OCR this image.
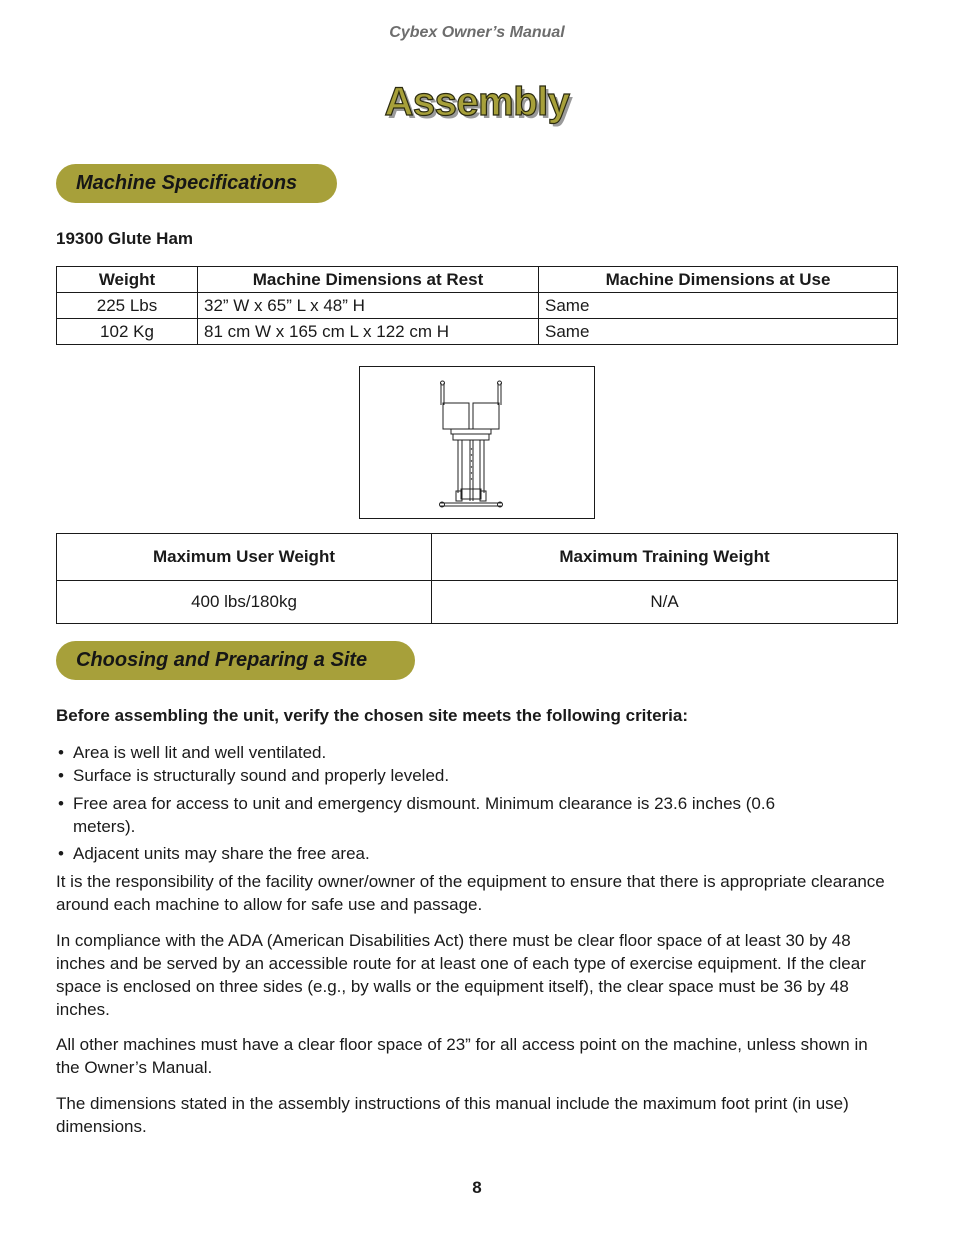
Cybex Owner’s Manual
Assembly
Machine Specifications
19300 Glute Ham
Weight	Machine Dimensions at Rest	Machine Dimensions at Use
225 Lbs	32” W x 65” L x 48” H	Same
102 Kg	81 cm W x 165 cm L x 122 cm H	Same
Maximum User Weight	Maximum Training Weight
400 lbs/180kg	N/A
Choosing and Preparing a Site
Before assembling the unit, verify the chosen site meets the following criteria:
• Area is well lit and well ventilated.
• Surface is structurally sound and properly leveled.
• Free area for access to unit and emergency dismount. Minimum clearance is 23.6 inches (0.6 meters).
• Adjacent units may share the free area.
It is the responsibility of the facility owner/owner of the equipment to ensure that there is appropriate clearance around each machine to allow for safe use and passage.
In compliance with the ADA (American Disabilities Act) there must be clear floor space of at least 30 by 48 inches and be served by an accessible route for at least one of each type of exercise equipment. If the clear space is enclosed on three sides (e.g., by walls or the equipment itself), the clear space must be 36 by 48 inches.
All other machines must have a clear floor space of 23” for all access point on the machine, unless shown in the Owner’s Manual.
The dimensions stated in the assembly instructions of this manual include the maximum foot print (in use) dimensions.
8
